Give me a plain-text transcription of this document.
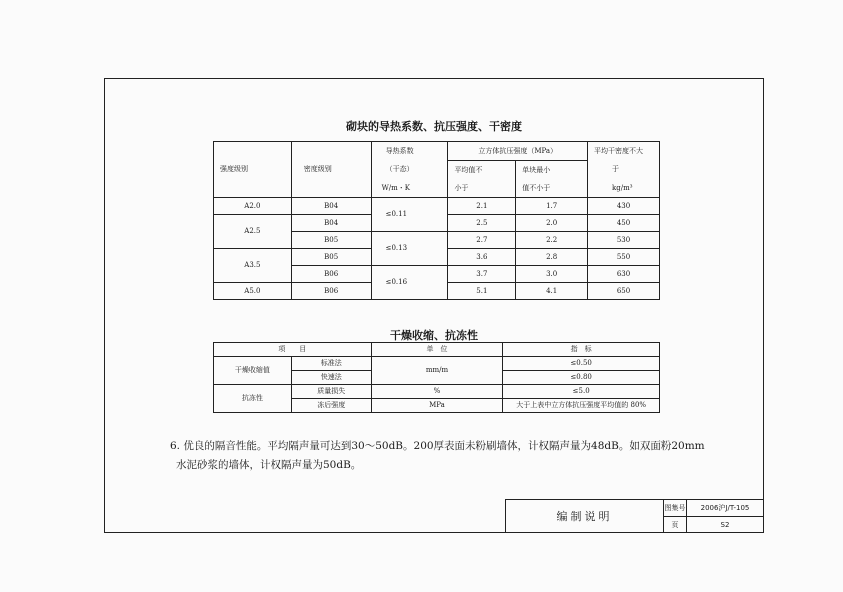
砌块的导热系数、抗压强度、干密度
强度级别	密度级别	导热系数	立方体抗压强度（MPa）		平均干密度不大
		（干态）	平均值不	单块最小	于
		W/m・K	小于	值不小于	kg/m³
A2.0	B04	≤0.11	2.1	1.7	430
A2.5	B04		2.5	2.0	450
	B05	≤0.13	2.7	2.2	530
A3.5	B05		3.6	2.8	550
	B06	≤0.16	3.7	3.0	630
A5.0	B06		5.1	4.1	650
干燥收缩、抗冻性
项　　目		单　位	指　标
干燥收缩值	标准法	mm/m	≤0.50
	快速法		≤0.80
抗冻性	质量损失	%	≤5.0
	冻后强度	MPa	大于上表中立方体抗压强度平均值的 80%
6. 优良的隔音性能。平均隔声量可达到30～50dB。200厚表面未粉刷墙体，计权隔声量为48dB。如双面粉20mm
水泥砂浆的墙体，计权隔声量为50dB。
编制说明
图集号	2006沪J/T-105
页	S2
